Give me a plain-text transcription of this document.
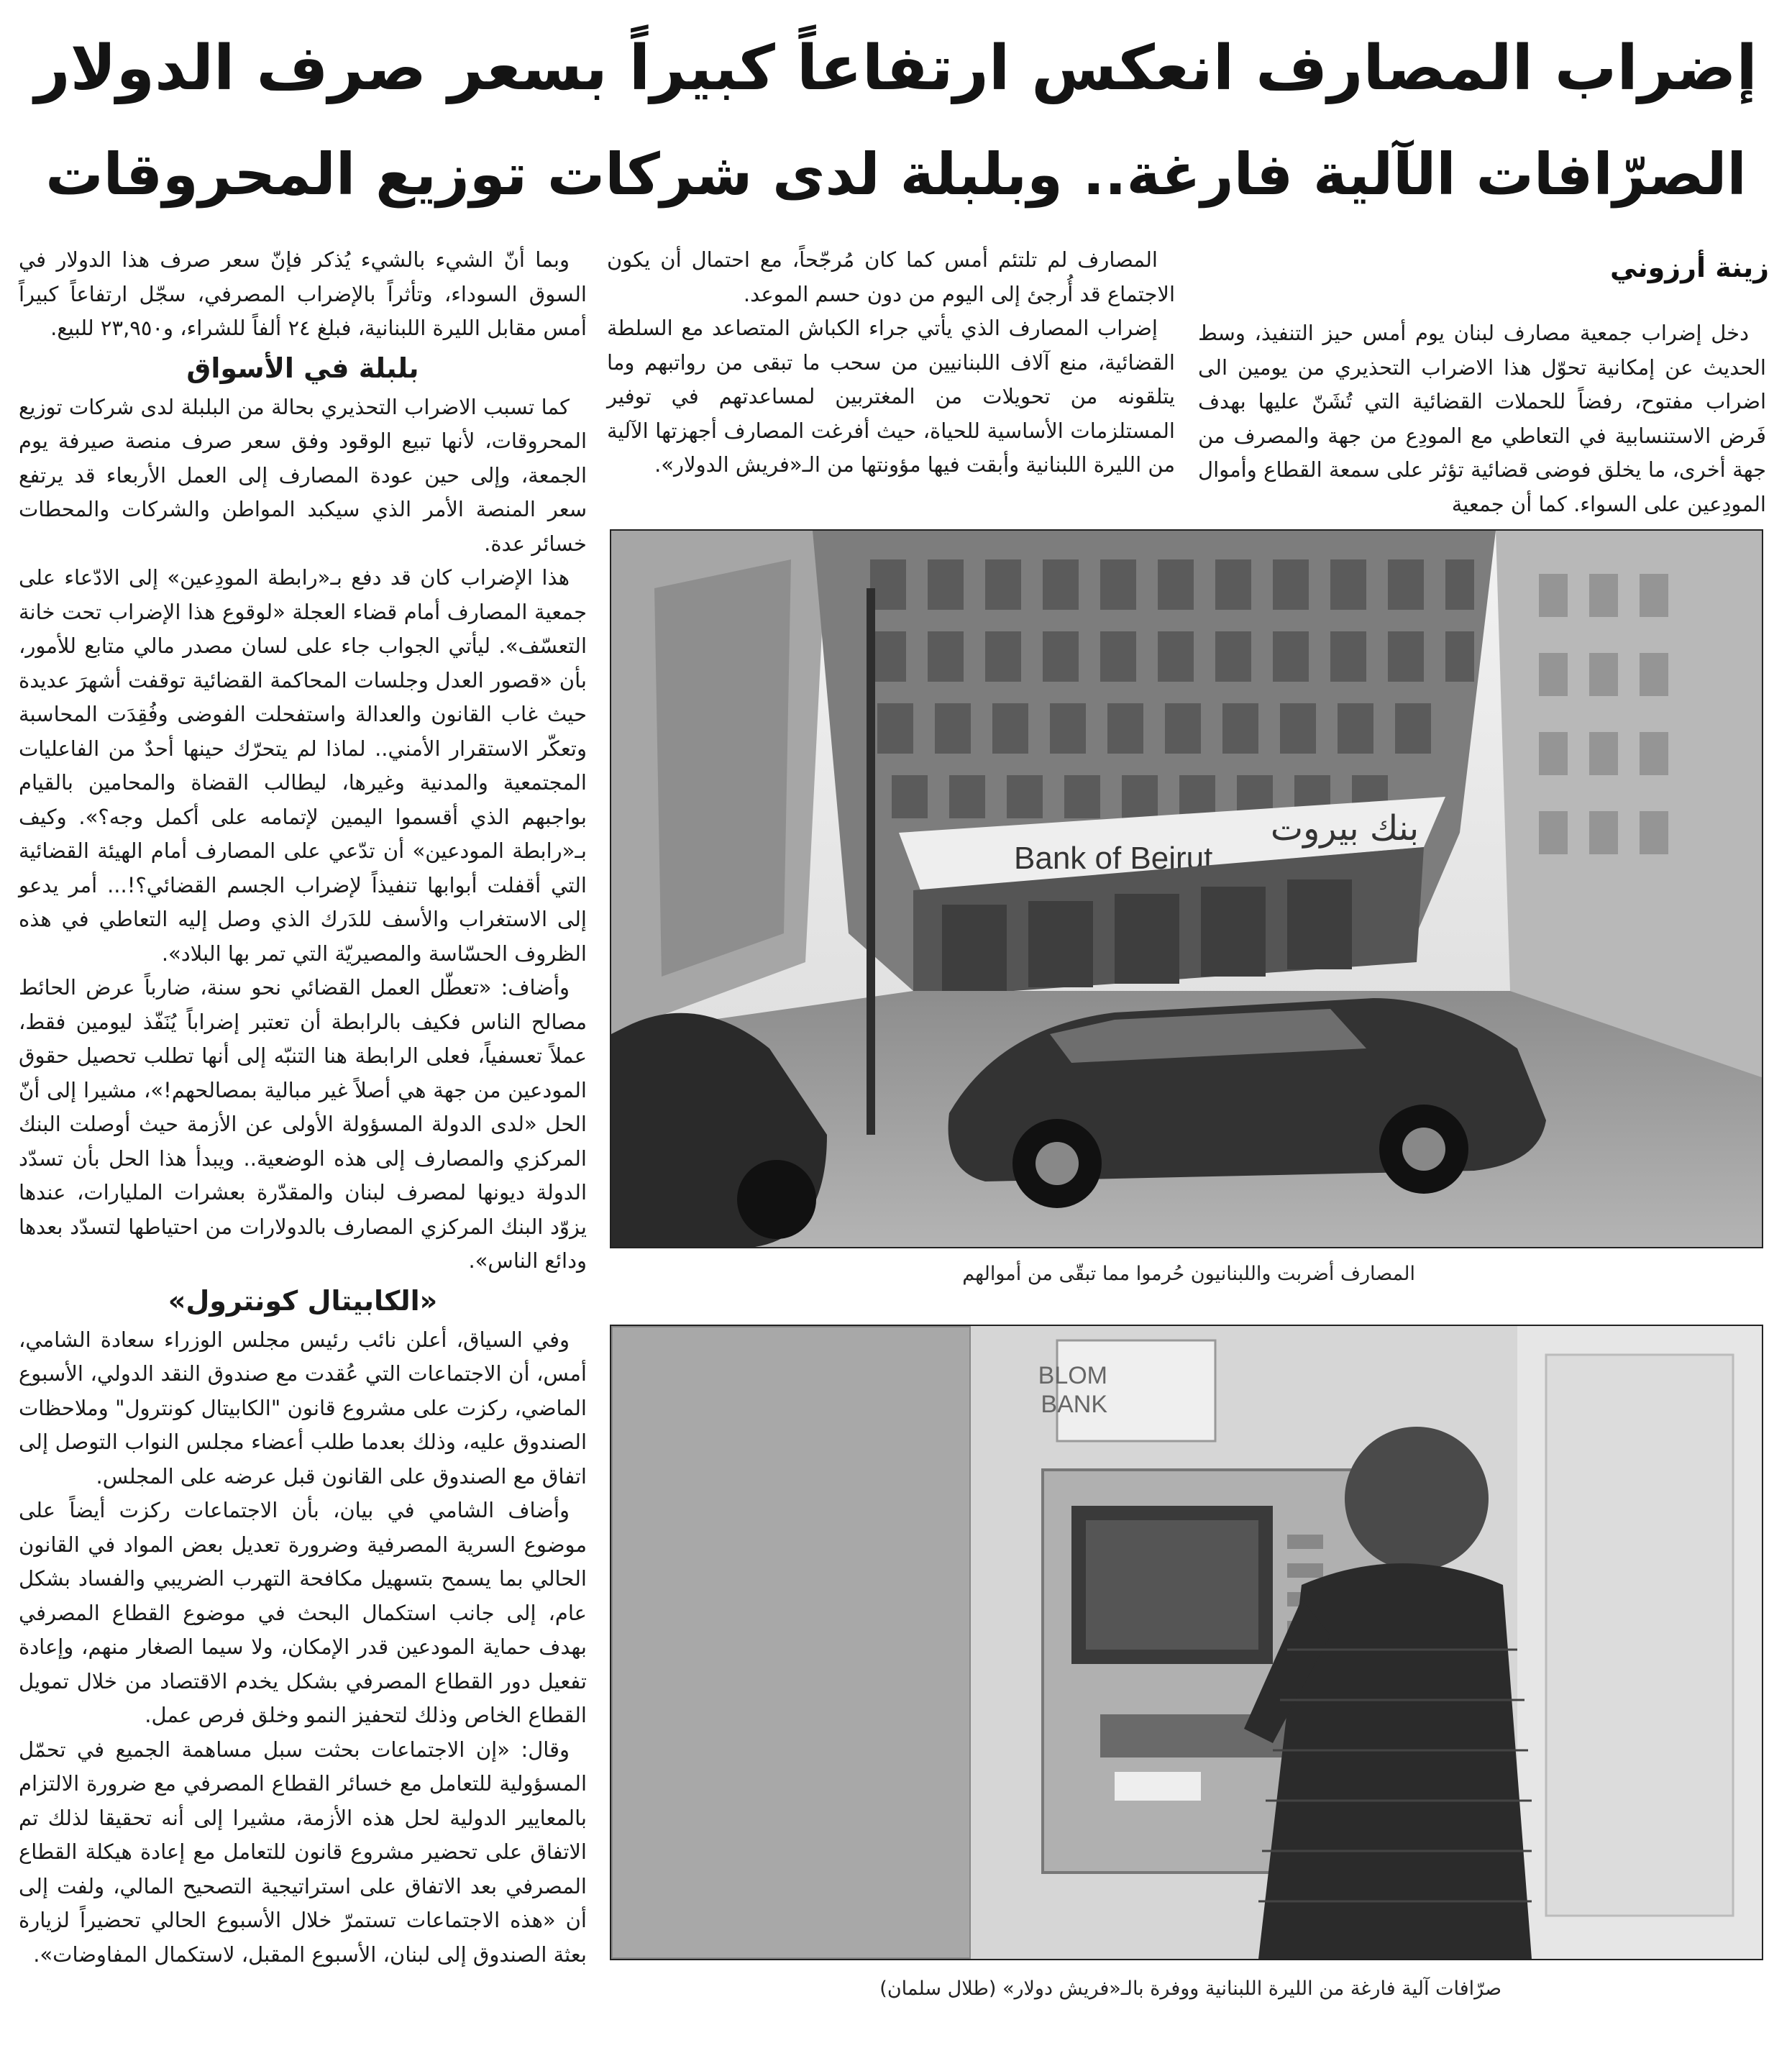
إضراب المصارف انعكس ارتفاعاً كبيراً بسعر صرف الدولار
الصرّافات الآلية فارغة.. وبلبلة لدى شركات توزيع المحروقات
زينة أرزوني

دخل إضراب جمعية مصارف لبنان يوم أمس حيز التنفيذ، وسط الحديث عن إمكانية تحوّل هذا الاضراب التحذيري من يومين الى اضراب مفتوح، رفضاً للحملات القضائية التي تُشَنّ عليها بهدف فَرض الاستنسابية في التعاطي مع المودِع من جهة والمصرف من جهة أخرى، ما يخلق فوضى قضائية تؤثر على سمعة القطاع وأموال المودِعين على السواء. كما أن جمعية

المصارف لم تلتئم أمس كما كان مُرجّحاً، مع احتمال أن يكون الاجتماع قد أُرجئ إلى اليوم من دون حسم الموعد.

إضراب المصارف الذي يأتي جراء الكباش المتصاعد مع السلطة القضائية، منع آلاف اللبنانيين من سحب ما تبقى من رواتبهم وما يتلقونه من تحويلات من المغتربين لمساعدتهم في توفير المستلزمات الأساسية للحياة، حيث أفرغت المصارف أجهزتها الآلية من الليرة اللبنانية وأبقت فيها مؤونتها من الـ«فريش الدولار».

وبما أنّ الشيء بالشيء يُذكر فإنّ سعر صرف هذا الدولار في السوق السوداء، وتأثراً بالإضراب المصرفي، سجّل ارتفاعاً كبيراً أمس مقابل الليرة اللبنانية، فبلغ ٢٤ ألفاً للشراء، و٢٣,٩٥٠ للبيع.

بلبلة في الأسواق

كما تسبب الاضراب التحذيري بحالة من البلبلة لدى شركات توزيع المحروقات، لأنها تبيع الوقود وفق سعر صرف منصة صيرفة يوم الجمعة، وإلى حين عودة المصارف إلى العمل الأربعاء قد يرتفع سعر المنصة الأمر الذي سيكبد المواطن والشركات والمحطات خسائر عدة.

هذا الإضراب كان قد دفع بـ«رابطة المودِعين» إلى الادّعاء على جمعية المصارف أمام قضاء العجلة «لوقوع هذا الإضراب تحت خانة التعسّف». ليأتي الجواب جاء على لسان مصدر مالي متابع للأمور، بأن «قصور العدل وجلسات المحاكمة القضائية توقفت أشهرَ عديدة حيث غاب القانون والعدالة واستفحلت الفوضى وفُقِدَت المحاسبة وتعكّر الاستقرار الأمني.. لماذا لم يتحرّك حينها أحدٌ من الفاعليات المجتمعية والمدنية وغيرها، ليطالب القضاة والمحامين بالقيام بواجبهم الذي أقسموا اليمين لإتمامه على أكمل وجه؟». وكيف بـ«رابطة المودعين» أن تدّعي على المصارف أمام الهيئة القضائية التي أقفلت أبوابها تنفيذاً لإضراب الجسم القضائي؟!... أمر يدعو إلى الاستغراب والأسف للدَرك الذي وصل إليه التعاطي في هذه الظروف الحسّاسة والمصيريّة التي تمر بها البلاد».

وأضاف: «تعطّل العمل القضائي نحو سنة، ضارباً عرض الحائط مصالح الناس فكيف بالرابطة أن تعتبر إضراباً يُنَفّذ ليومين فقط، عملاً تعسفياً، فعلى الرابطة هنا التنبّه إلى أنها تطلب تحصيل حقوق المودعين من جهة هي أصلاً غير مبالية بمصالحهم!»، مشيرا إلى أنّ الحل «لدى الدولة المسؤولة الأولى عن الأزمة حيث أوصلت البنك المركزي والمصارف إلى هذه الوضعية.. ويبدأ هذا الحل بأن تسدّد الدولة ديونها لمصرف لبنان والمقدّرة بعشرات المليارات، عندها يزوّد البنك المركزي المصارف بالدولارات من احتياطها لتسدّد بعدها ودائع الناس».

«الكابيتال كونترول»

وفي السياق، أعلن نائب رئيس مجلس الوزراء سعادة الشامي، أمس، أن الاجتماعات التي عُقدت مع صندوق النقد الدولي، الأسبوع الماضي، ركزت على مشروع قانون "الكابيتال كونترول" وملاحظات الصندوق عليه، وذلك بعدما طلب أعضاء مجلس النواب التوصل إلى اتفاق مع الصندوق على القانون قبل عرضه على المجلس.

وأضاف الشامي في بيان، بأن الاجتماعات ركزت أيضاً على موضوع السرية المصرفية وضرورة تعديل بعض المواد في القانون الحالي بما يسمح بتسهيل مكافحة التهرب الضريبي والفساد بشكل عام، إلى جانب استكمال البحث في موضوع القطاع المصرفي بهدف حماية المودعين قدر الإمكان، ولا سيما الصغار منهم، وإعادة تفعيل دور القطاع المصرفي بشكل يخدم الاقتصاد من خلال تمويل القطاع الخاص وذلك لتحفيز النمو وخلق فرص عمل.

وقال: «إن الاجتماعات بحثت سبل مساهمة الجميع في تحمّل المسؤولية للتعامل مع خسائر القطاع المصرفي مع ضرورة الالتزام بالمعايير الدولية لحل هذه الأزمة، مشيرا إلى أنه تحقيقا لذلك تم الاتفاق على تحضير مشروع قانون للتعامل مع إعادة هيكلة القطاع المصرفي بعد الاتفاق على استراتيجية التصحيح المالي، ولفت إلى أن «هذه الاجتماعات تستمرّ خلال الأسبوع الحالي تحضيراً لزيارة بعثة الصندوق إلى لبنان، الأسبوع المقبل، لاستكمال المفاوضات».

Bank of Beirut
بنك بيروت
المصارف أضربت واللبنانيون حُرموا مما تبقّى من أموالهم
BLOM
BANK
صرّافات آلية فارغة من الليرة اللبنانية ووفرة بالـ«فريش دولار» (طلال سلمان)
